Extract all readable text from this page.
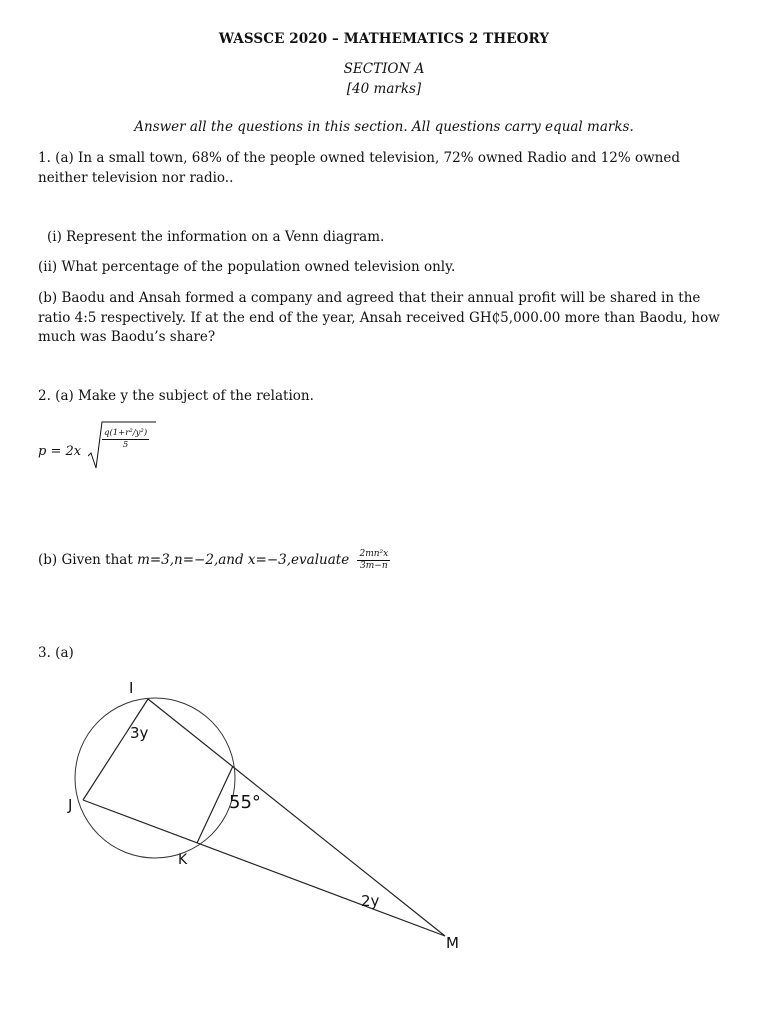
WASSCE 2020 – MATHEMATICS 2 THEORY
SECTION A
[40 marks]
Answer all the questions in this section. All questions carry equal marks.
1. (a) In a small town, 68% of the people owned television, 72% owned Radio and 12% owned neither television nor radio..
(i) Represent the information on a Venn diagram.
(ii) What percentage of the population owned television only.
(b) Baodu and Ansah formed a company and agreed that their annual profit will be shared in the ratio 4:5 respectively. If at the end of the year, Ansah received GH₵5,000.00 more than Baodu, how much was Baodu’s share?
2. (a) Make y the subject of the relation.
p = 2x
$\frac{\text{q(1+r²/y²)}}{5}$
(b) Given that m=3,n=−2,and x=−3,evaluate $\frac{\text{2mn²x}}{3m-n}$
3. (a)
I
J
K
M
3y
55°
2y
